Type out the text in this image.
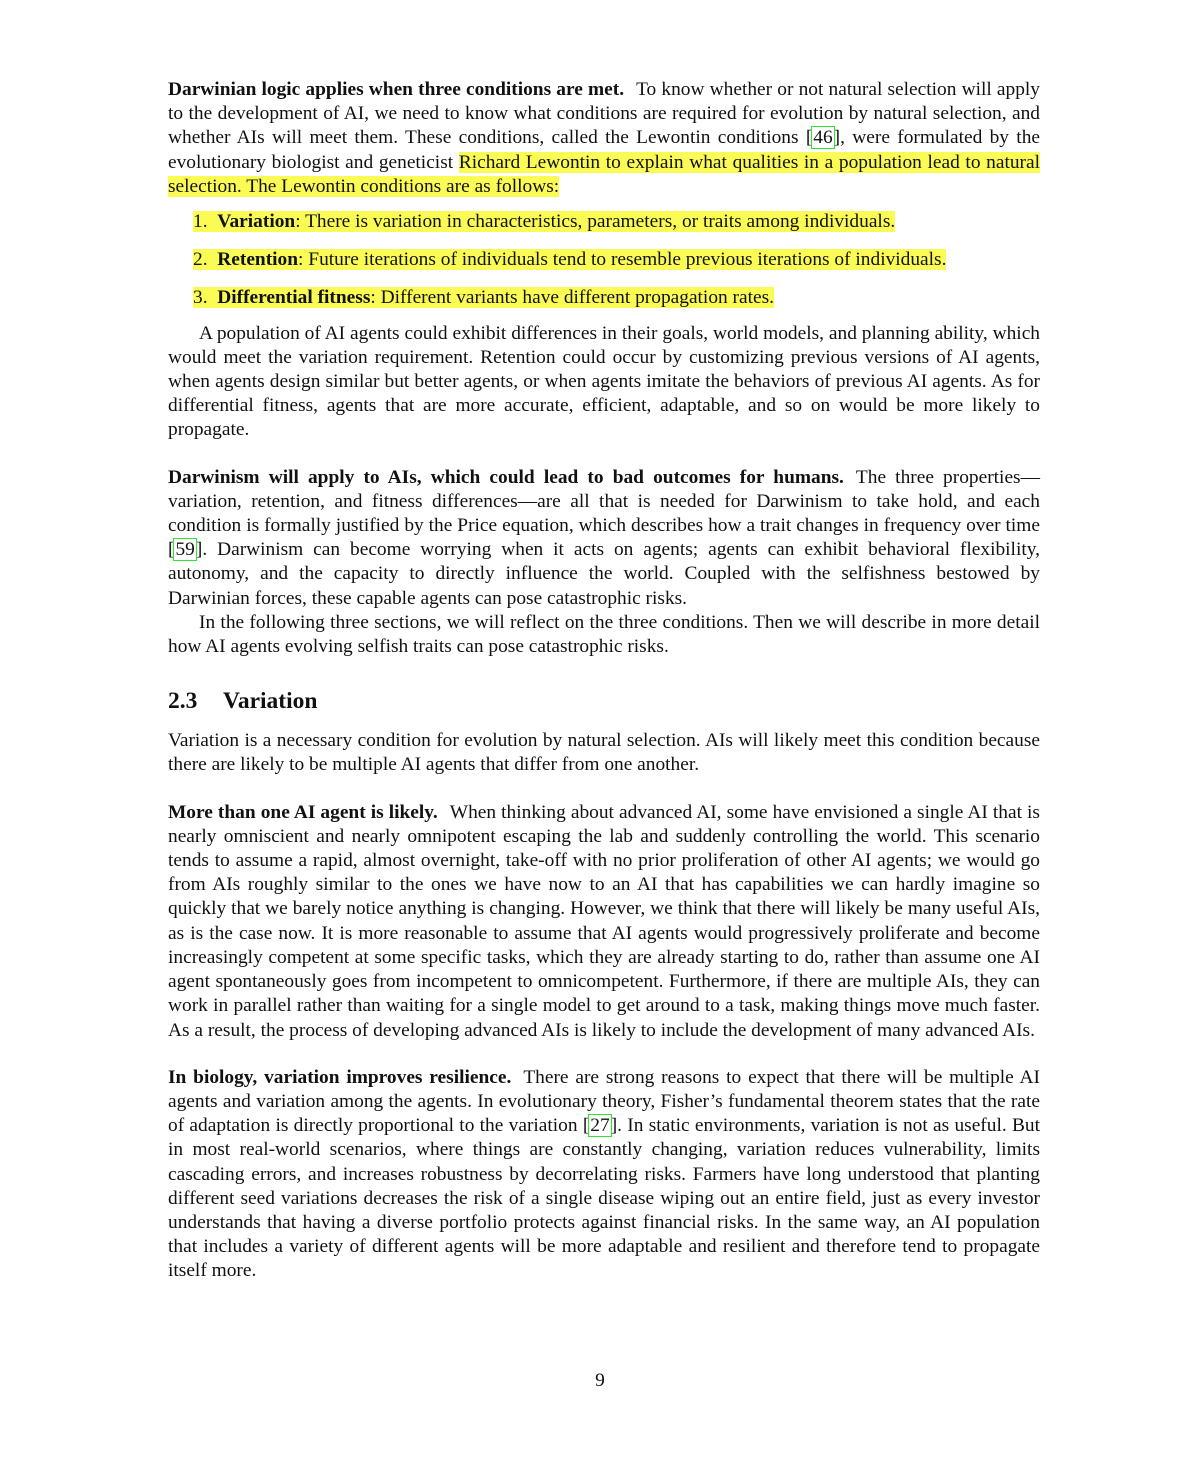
Darwinian logic applies when three conditions are met. To know whether or not natural selection will apply to the development of AI, we need to know what conditions are required for evolution by natural selection, and whether AIs will meet them. These conditions, called the Lewontin conditions [46], were formulated by the evolutionary biologist and geneticist Richard Lewontin to explain what qualities in a population lead to natural selection. The Lewontin conditions are as follows:

1. Variation: There is variation in characteristics, parameters, or traits among individuals.
2. Retention: Future iterations of individuals tend to resemble previous iterations of individuals.
3. Differential fitness: Different variants have different propagation rates.

A population of AI agents could exhibit differences in their goals, world models, and planning ability, which would meet the variation requirement. Retention could occur by customizing previous versions of AI agents, when agents design similar but better agents, or when agents imitate the behaviors of previous AI agents. As for differential fitness, agents that are more accurate, efficient, adaptable, and so on would be more likely to propagate.

Darwinism will apply to AIs, which could lead to bad outcomes for humans. The three properties—variation, retention, and fitness differences—are all that is needed for Darwinism to take hold, and each condition is formally justified by the Price equation, which describes how a trait changes in frequency over time [59]. Darwinism can become worrying when it acts on agents; agents can exhibit behavioral flexibility, autonomy, and the capacity to directly influence the world. Coupled with the selfishness bestowed by Darwinian forces, these capable agents can pose catastrophic risks.

In the following three sections, we will reflect on the three conditions. Then we will describe in more detail how AI agents evolving selfish traits can pose catastrophic risks.

2.3 Variation

Variation is a necessary condition for evolution by natural selection. AIs will likely meet this condition because there are likely to be multiple AI agents that differ from one another.

More than one AI agent is likely. When thinking about advanced AI, some have envisioned a single AI that is nearly omniscient and nearly omnipotent escaping the lab and suddenly controlling the world. This scenario tends to assume a rapid, almost overnight, take-off with no prior proliferation of other AI agents; we would go from AIs roughly similar to the ones we have now to an AI that has capabilities we can hardly imagine so quickly that we barely notice anything is changing. However, we think that there will likely be many useful AIs, as is the case now. It is more reasonable to assume that AI agents would progressively proliferate and become increasingly competent at some specific tasks, which they are already starting to do, rather than assume one AI agent spontaneously goes from incompetent to omnicompetent. Furthermore, if there are multiple AIs, they can work in parallel rather than waiting for a single model to get around to a task, making things move much faster. As a result, the process of developing advanced AIs is likely to include the development of many advanced AIs.

In biology, variation improves resilience. There are strong reasons to expect that there will be multiple AI agents and variation among the agents. In evolutionary theory, Fisher’s fundamental theorem states that the rate of adaptation is directly proportional to the variation [27]. In static environments, variation is not as useful. But in most real-world scenarios, where things are constantly changing, variation reduces vulnerability, limits cascading errors, and increases robustness by decorrelating risks. Farmers have long understood that planting different seed variations decreases the risk of a single disease wiping out an entire field, just as every investor understands that having a diverse portfolio protects against financial risks. In the same way, an AI population that includes a variety of different agents will be more adaptable and resilient and therefore tend to propagate itself more.

9
